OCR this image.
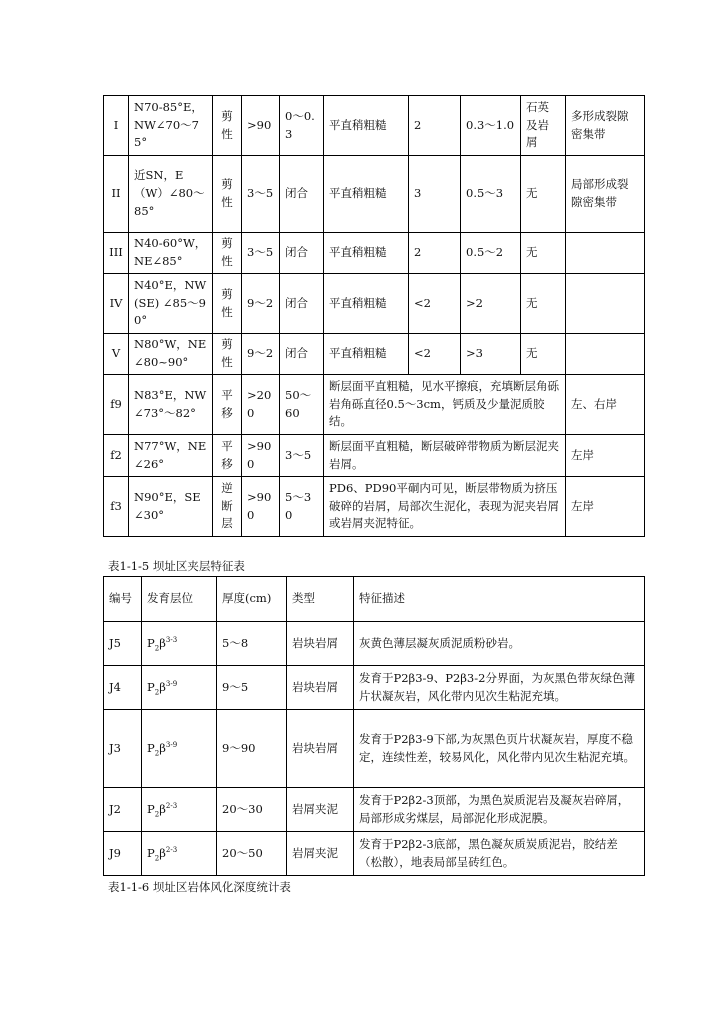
I	N70-85°E，NW∠70～75°	剪性	>90	0～0.3	平直稍粗糙	2	0.3～1.0	石英及岩屑	多形成裂隙密集带
II	近SN，E（W）∠80～85°	剪性	3～5	闭合	平直稍粗糙	3	0.5～3	无	局部形成裂隙密集带
III	N40-60°W，NE∠85°	剪性	3～5	闭合	平直稍粗糙	2	0.5～2	无	
IV	N40°E，NW(SE) ∠85～90°	剪性	9～2	闭合	平直稍粗糙	<2	>2	无	
V	N80°W，NE∠80~90°	剪性	9～2	闭合	平直稍粗糙	<2	>3	无	
f9	N83°E，NW∠73°～82°	平移	>200	50～60	断层面平直粗糙，见水平擦痕，充填断层角砾岩角砾直径0.5～3cm，钙质及少量泥质胶结。				左、右岸
f2	N77°W，NE∠26°	平移	>900	3～5	断层面平直粗糙，断层破碎带物质为断层泥夹岩屑。				左岸
f3	N90°E，SE∠30°	逆断层	>900	5～30	PD6、PD90平硐内可见，断层带物质为挤压破碎的岩屑，局部次生泥化，表现为泥夹岩屑或岩屑夹泥特征。				左岸
表1-1-5 坝址区夹层特征表
编号	发育层位	厚度(cm)	类型	特征描述
J5	$P_2\beta^{3-3}$	5～8	岩块岩屑	灰黄色薄层凝灰质泥质粉砂岩。
J4	$P_2\beta^{3-9}$	9～5	岩块岩屑	发育于P2β3-9、P2β3-2分界面，为灰黑色带灰绿色薄片状凝灰岩，风化带内见次生粘泥充填。
J3	$P_2\beta^{3-9}$	9～90	岩块岩屑	发育于P2β3-9下部,为灰黑色页片状凝灰岩，厚度不稳定，连续性差，较易风化，风化带内见次生粘泥充填。
J2	$P_2\beta^{2-3}$	20～30	岩屑夹泥	发育于P2β2-3顶部，为黑色炭质泥岩及凝灰岩碎屑，局部形成劣煤层，局部泥化形成泥膜。
J9	$P_2\beta^{2-3}$	20～50	岩屑夹泥	发育于P2β2-3底部，黑色凝灰质炭质泥岩，胶结差（松散），地表局部呈砖红色。
表1-1-6 坝址区岩体风化深度统计表
